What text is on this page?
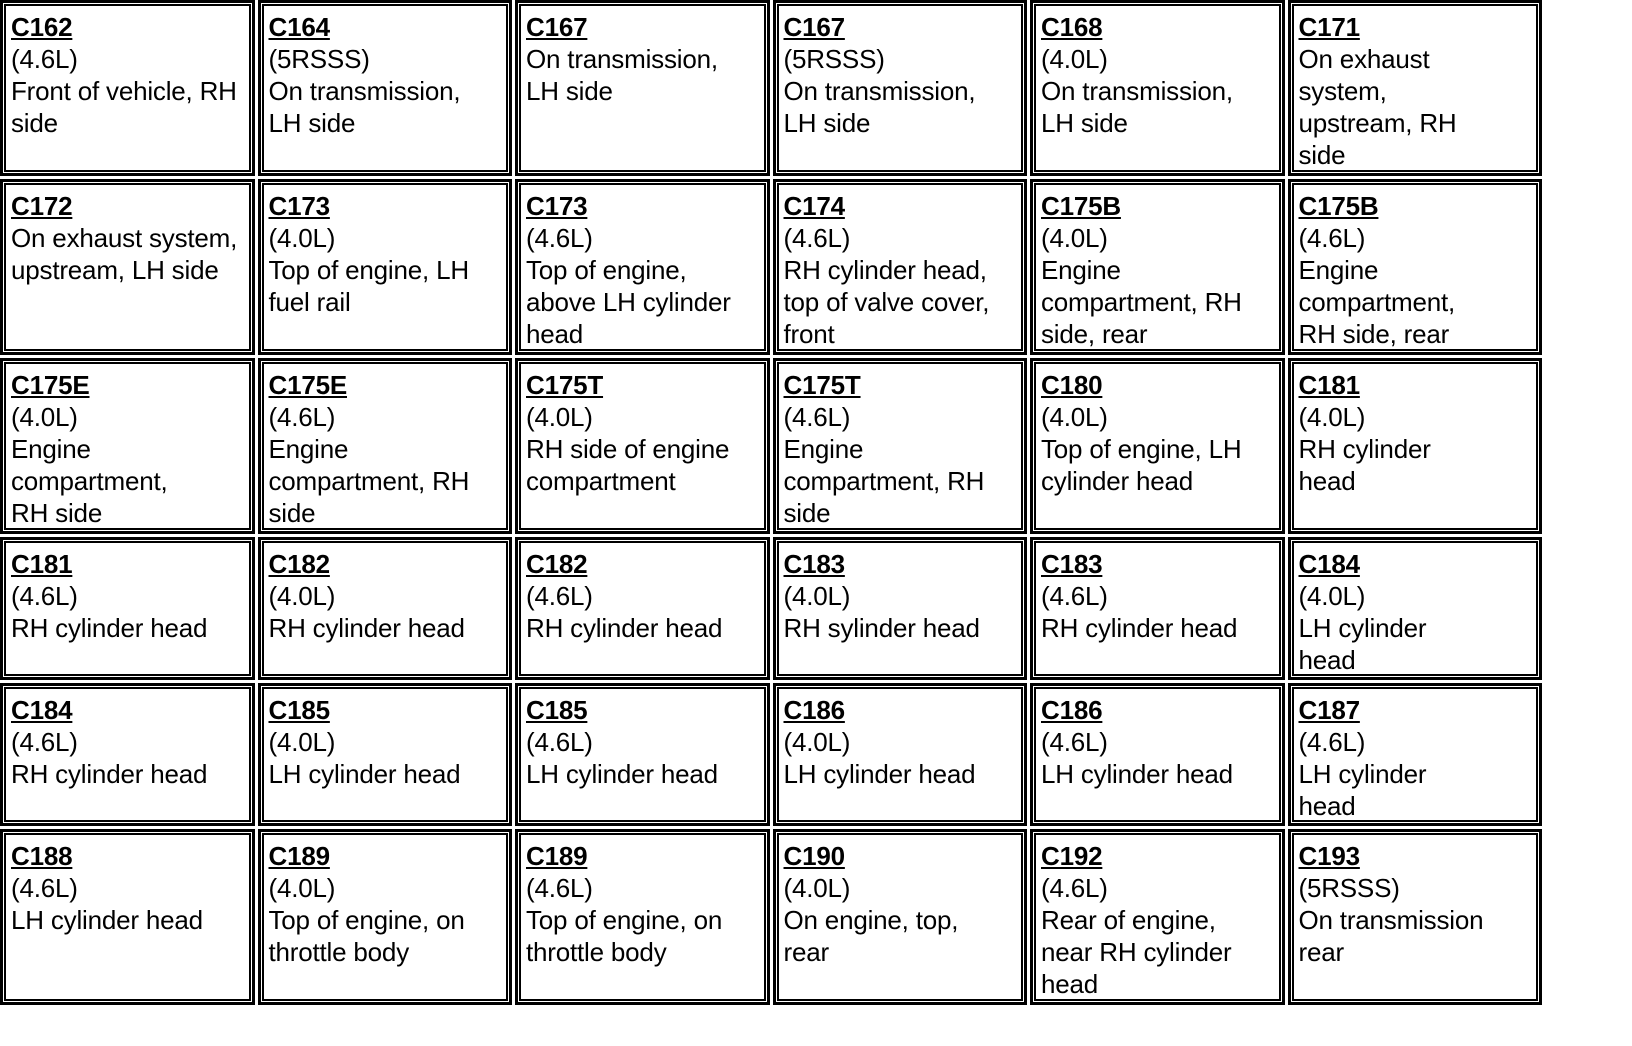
C162
(4.6L)
Front of vehicle, RH
side
C164
(5RSSS)
On transmission,
LH side
C167
On transmission,
LH side
C167
(5RSSS)
On transmission,
LH side
C168
(4.0L)
On transmission,
LH side
C171
On exhaust
system,
upstream, RH
side
C172
On exhaust system,
upstream, LH side
C173
(4.0L)
Top of engine, LH
fuel rail
C173
(4.6L)
Top of engine,
above LH cylinder
head
C174
(4.6L)
RH cylinder head,
top of valve cover,
front
C175B
(4.0L)
Engine
compartment, RH
side, rear
C175B
(4.6L)
Engine
compartment,
RH side, rear
C175E
(4.0L)
Engine compartment,
RH side
C175E
(4.6L)
Engine
compartment, RH
side
C175T
(4.0L)
RH side of engine
compartment
C175T
(4.6L)
Engine
compartment, RH
side
C180
(4.0L)
Top of engine, LH
cylinder head
C181
(4.0L)
RH cylinder
head
C181
(4.6L)
RH cylinder head
C182
(4.0L)
RH cylinder head
C182
(4.6L)
RH cylinder head
C183
(4.0L)
RH sylinder head
C183
(4.6L)
RH cylinder head
C184
(4.0L)
LH cylinder
head
C184
(4.6L)
RH cylinder head
C185
(4.0L)
LH cylinder head
C185
(4.6L)
LH cylinder head
C186
(4.0L)
LH cylinder head
C186
(4.6L)
LH cylinder head
C187
(4.6L)
LH cylinder
head
C188
(4.6L)
LH cylinder head
C189
(4.0L)
Top of engine, on
throttle body
C189
(4.6L)
Top of engine, on
throttle body
C190
(4.0L)
On engine, top,
rear
C192
(4.6L)
Rear of engine,
near RH cylinder
head
C193
(5RSSS)
On transmission
rear
